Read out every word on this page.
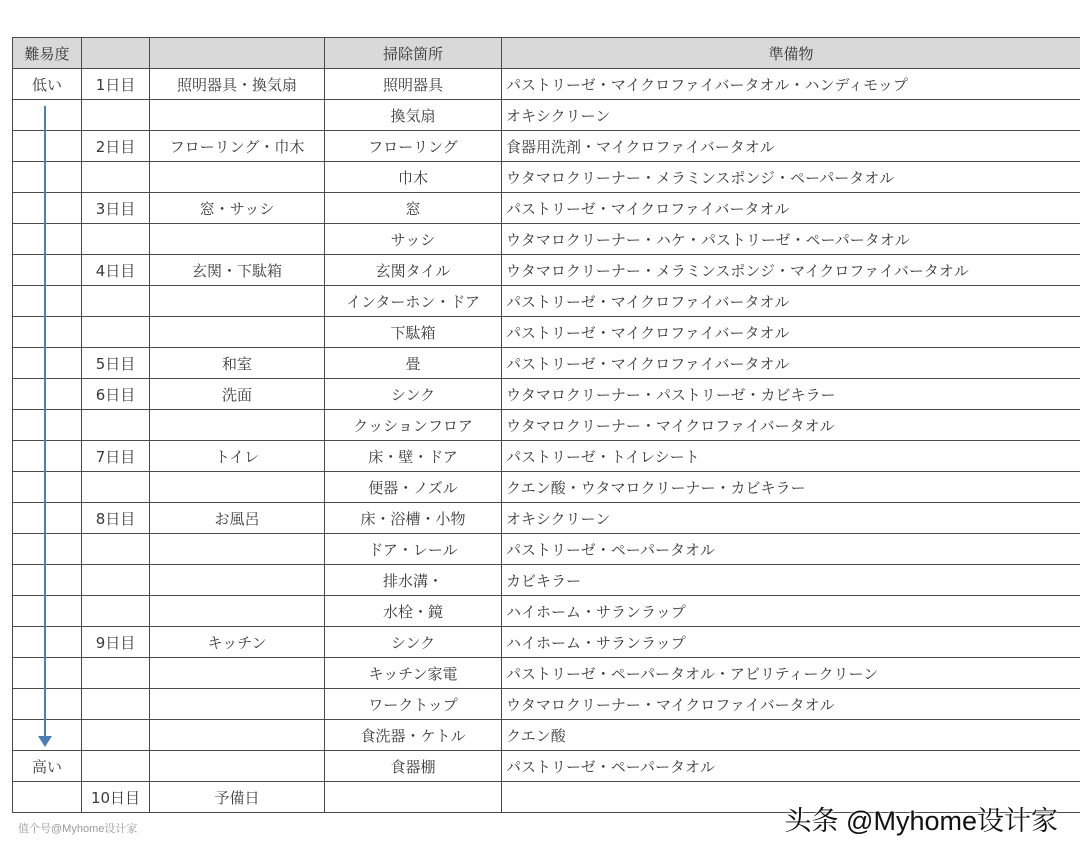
難易度			掃除箇所	準備物
低い	1日目	照明器具・換気扇	照明器具	パストリーゼ・マイクロファイバータオル・ハンディモップ
			換気扇	オキシクリーン
	2日目	フローリング・巾木	フローリング	食器用洗剤・マイクロファイバータオル
			巾木	ウタマロクリーナー・メラミンスポンジ・ペーパータオル
	3日目	窓・サッシ	窓	パストリーゼ・マイクロファイバータオル
			サッシ	ウタマロクリーナー・ハケ・パストリーゼ・ペーパータオル
	4日目	玄関・下駄箱	玄関タイル	ウタマロクリーナー・メラミンスポンジ・マイクロファイバータオル
			インターホン・ドア	パストリーゼ・マイクロファイバータオル
			下駄箱	パストリーゼ・マイクロファイバータオル
	5日目	和室	畳	パストリーゼ・マイクロファイバータオル
	6日目	洗面	シンク	ウタマロクリーナー・パストリーゼ・カビキラー
			クッションフロア	ウタマロクリーナー・マイクロファイバータオル
	7日目	トイレ	床・壁・ドア	パストリーゼ・トイレシート
			便器・ノズル	クエン酸・ウタマロクリーナー・カビキラー
	8日目	お風呂	床・浴槽・小物	オキシクリーン
			ドア・レール	パストリーゼ・ペーパータオル
			排水溝・	カビキラー
			水栓・鏡	ハイホーム・サランラップ
	9日目	キッチン	シンク	ハイホーム・サランラップ
			キッチン家電	パストリーゼ・ペーパータオル・アビリティークリーン
			ワークトップ	ウタマロクリーナー・マイクロファイバータオル
			食洗器・ケトル	クエン酸
高い			食器棚	パストリーゼ・ペーパータオル
	10日目	予備日		
值个号@Myhome设计家	头条 @Myhome设计家
